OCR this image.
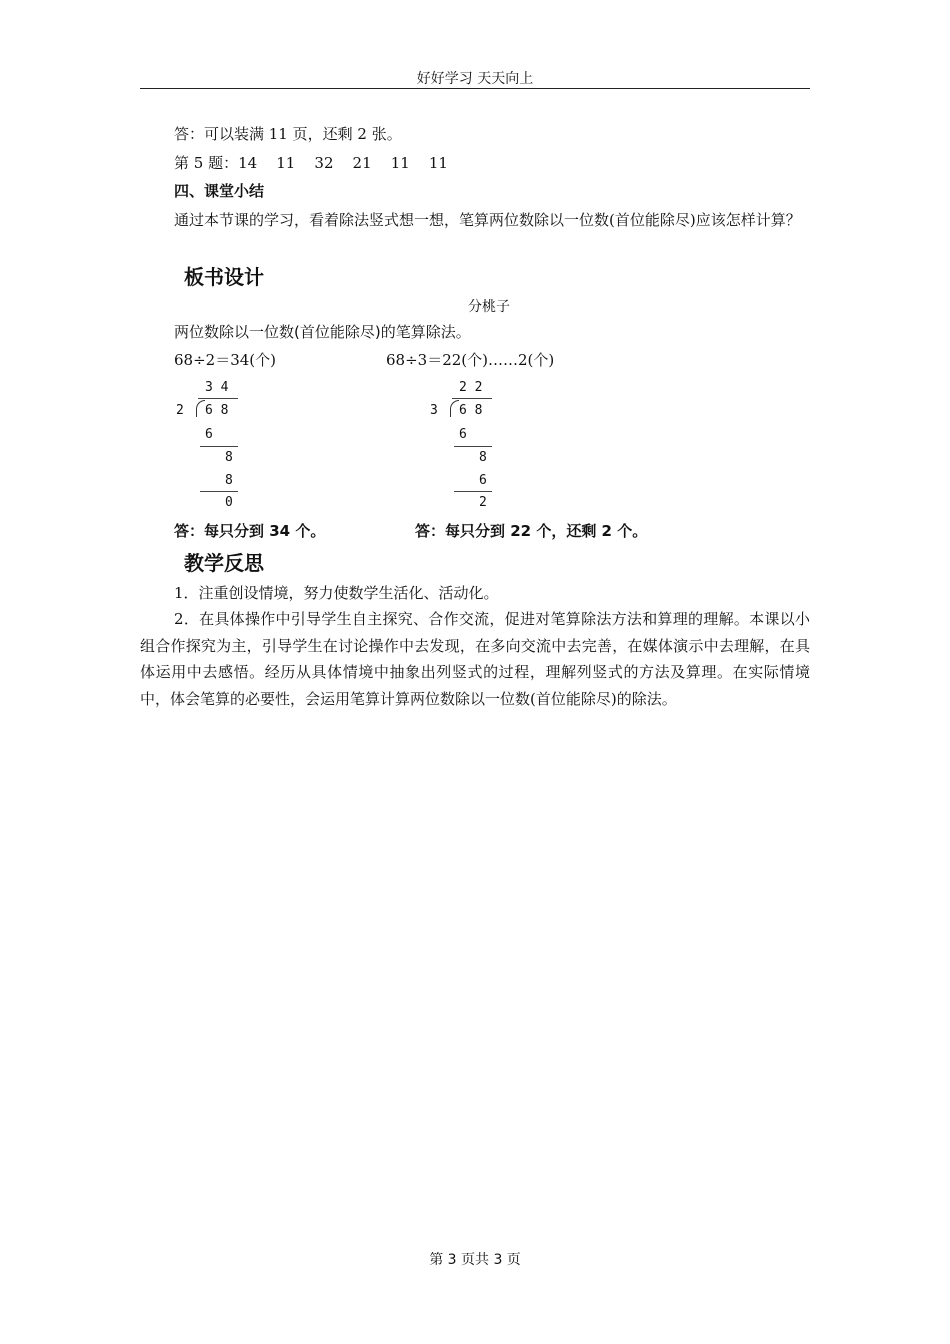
好好学习 天天向上
答：可以装满 11 页，还剩 2 张。
第 5 题：14    11    32    21    11    11
四、课堂小结
通过本节课的学习，看着除法竖式想一想，笔算两位数除以一位数(首位能除尽)应该怎样计算？
板书设计
分桃子
两位数除以一位数(首位能除尽)的笔算除法。
68÷2＝34(个)
3 4
2 6 8
6
8
8
0
答：每只分到 34 个。
68÷3＝22(个)……2(个)
2 2
3 6 8
6
8
6
2
答：每只分到 22 个，还剩 2 个。
教学反思
1．注重创设情境，努力使数学生活化、活动化。
2．在具体操作中引导学生自主探究、合作交流，促进对笔算除法方法和算理的理解。本课以小组合作探究为主，引导学生在讨论操作中去发现，在多向交流中去完善，在媒体演示中去理解，在具体运用中去感悟。经历从具体情境中抽象出列竖式的过程，理解列竖式的方法及算理。在实际情境中，体会笔算的必要性，会运用笔算计算两位数除以一位数(首位能除尽)的除法。
第 3 页共 3 页
